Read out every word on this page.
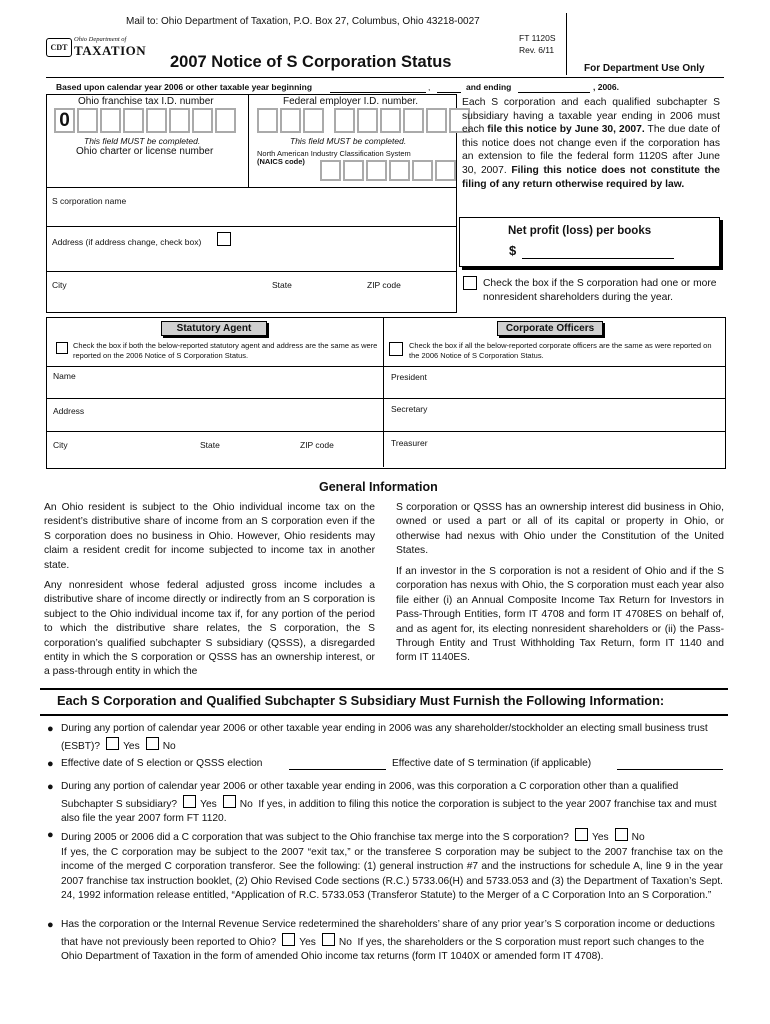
Mail to: Ohio Department of Taxation, P.O. Box 27, Columbus, Ohio 43218-0027
CDT
Ohio Department of
TAXATION
FT 1120S
Rev. 6/11
2007 Notice of S Corporation Status	For Department Use Only
Based upon calendar year 2006 or other taxable year beginning	,	and ending	, 2006.
Ohio franchise tax I.D. number
0
This field MUST be completed.
Ohio charter or license number
Federal employer I.D. number.
This field MUST be completed.
North American Industry Classification System
(NAICS code)
S corporation name
Address (if address change, check box)
City	State	ZIP code
Each S corporation and each qualified subchapter S subsidiary having a taxable year ending in 2006 must each file this notice by June 30, 2007. The due date of this notice does not change even if the corporation has an extension to file the federal form 1120S after June 30, 2007. Filing this notice does not constitute the filing of any return otherwise required by law.
Net profit (loss) per books
$
Check the box if the S corporation had one or more nonresident shareholders during the year.
Statutory Agent
Check the box if both the below-reported statutory agent and address are the same as were reported on the 2006 Notice of S Corporation Status.
Name
Address
City	State	ZIP code
Corporate Officers
Check the box if all the below-reported corporate officers are the same as were reported on the 2006 Notice of S Corporation Status.
President
Secretary
Treasurer
General Information
An Ohio resident is subject to the Ohio individual income tax on the resident’s distributive share of income from an S corporation even if the S corporation does no business in Ohio. However, Ohio residents may claim a resident credit for income subjected to income tax in another state.
Any nonresident whose federal adjusted gross income includes a distributive share of income directly or indirectly from an S corporation is subject to the Ohio individual income tax if, for any portion of the period to which the distributive share relates, the S corporation, the S corporation’s qualified subchapter S subsidiary (QSSS), a disregarded entity in which the S corporation or QSSS has an ownership interest, or a pass-through entity in which the
S corporation or QSSS has an ownership interest did business in Ohio, owned or used a part or all of its capital or property in Ohio, or otherwise had nexus with Ohio under the Constitution of the United States.
If an investor in the S corporation is not a resident of Ohio and if the S corporation has nexus with Ohio, the S corporation must each year also file either (i) an Annual Composite Income Tax Return for Investors in Pass-Through Entities, form IT 4708 and form IT 4708ES on behalf of, and as agent for, its electing nonresident shareholders or (ii) the Pass-Through Entity and Trust Withholding Tax Return, form IT 1140 and form IT 1140ES.
Each S Corporation and Qualified Subchapter S Subsidiary Must Furnish the Following Information:
● During any portion of calendar year 2006 or other taxable year ending in 2006 was any shareholder/stockholder an electing small business trust (ESBT)? Yes No
● Effective date of S election or QSSS election	Effective date of S termination (if applicable)
● During any portion of calendar year 2006 or other taxable year ending in 2006, was this corporation a C corporation other than a qualified Subchapter S subsidiary? Yes No If yes, in addition to filing this notice the corporation is subject to the year 2007 franchise tax and must also file the year 2007 form FT 1120.
● During 2005 or 2006 did a C corporation that was subject to the Ohio franchise tax merge into the S corporation? Yes No
If yes, the C corporation may be subject to the 2007 “exit tax,” or the transferee S corporation may be subject to the 2007 franchise tax on the income of the merged C corporation transferor. See the following: (1) general instruction #7 and the instructions for schedule A, line 9 in the year 2007 franchise tax instruction booklet, (2) Ohio Revised Code sections (R.C.) 5733.06(H) and 5733.053 and (3) the Department of Taxation’s Sept. 24, 1992 information release entitled, “Application of R.C. 5733.053 (Transferor Statute) to the Merger of a C Corporation Into an S Corporation.”
● Has the corporation or the Internal Revenue Service redetermined the shareholders’ share of any prior year’s S corporation income or deductions that have not previously been reported to Ohio? Yes No If yes, the shareholders or the S corporation must report such changes to the Ohio Department of Taxation in the form of amended Ohio income tax returns (form IT 1040X or amended form IT 4708).
